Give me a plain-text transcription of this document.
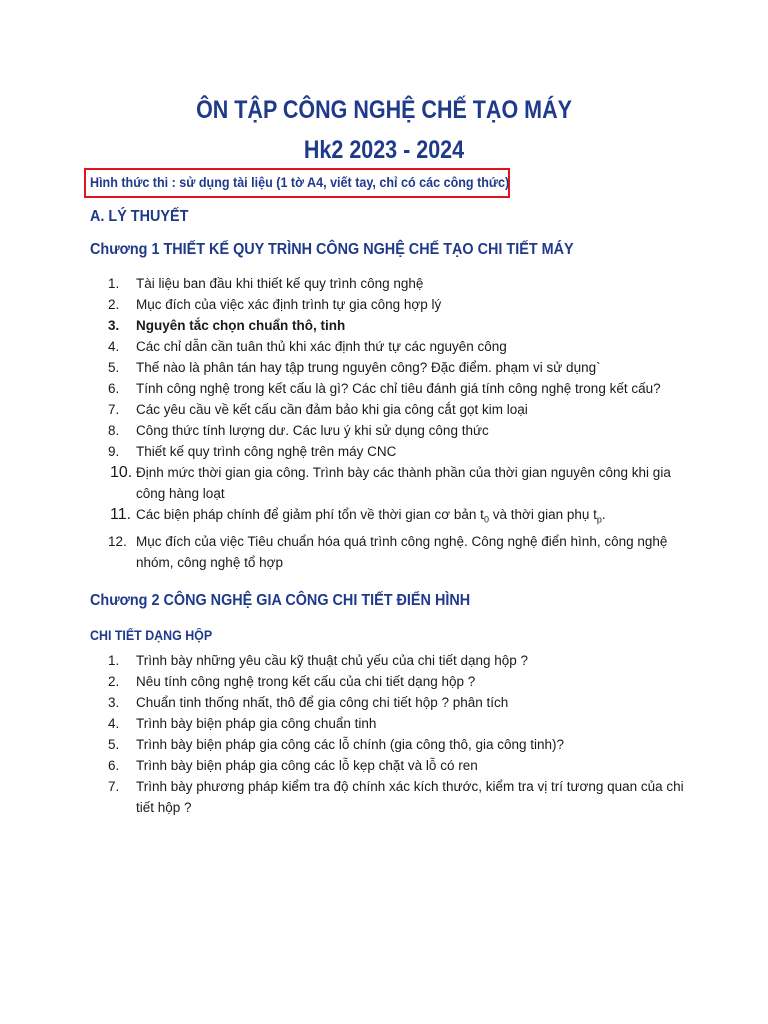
ÔN TẬP CÔNG NGHỆ CHẾ TẠO MÁY
Hk2 2023 - 2024
Hình thức thi : sử dụng tài liệu (1 tờ A4, viết tay, chỉ có các công thức)
A. LÝ THUYẾT
Chương 1 THIẾT KẾ QUY TRÌNH CÔNG NGHỆ CHẾ TẠO CHI TIẾT MÁY
1.	Tài liệu ban đầu khi thiết kế quy trình công nghệ
2.	Mục đích của việc xác định trình tự gia công hợp lý
3.	Nguyên tắc chọn chuẩn thô, tinh
4.	Các chỉ dẫn cần tuân thủ khi xác định thứ tự các nguyên công
5.	Thế nào là phân tán hay tập trung nguyên công? Đặc điểm. phạm vi sử dụng`
6.	Tính công nghệ trong kết cấu là gì? Các chỉ tiêu đánh giá tính công nghệ trong kết cấu?
7.	Các yêu cầu về kết cấu cần đảm bảo khi gia công cắt gọt kim loại
8.	Công thức tính lượng dư. Các lưu ý khi sử dụng công thức
9.	Thiết kế quy trình công nghệ trên máy CNC
10. Định mức thời gian gia công. Trình bày các thành phần của thời gian nguyên công khi gia công hàng loạt
11. Các biện pháp chính để giảm phí tổn về thời gian cơ bản $t_0$ và thời gian phụ $t_p$.
12. Mục đích của việc Tiêu chuẩn hóa quá trình công nghệ. Công nghệ điển hình, công nghệ nhóm, công nghệ tổ hợp
Chương 2 CÔNG NGHỆ GIA CÔNG CHI TIẾT ĐIỂN HÌNH
CHI TIẾT DẠNG HỘP
1.	Trình bày những yêu cầu kỹ thuật chủ yếu của chi tiết dạng hộp ?
2.	Nêu tính công nghệ trong kết cấu của chi tiết dạng hộp ?
3.	Chuẩn tinh thống nhất, thô để gia công chi tiết hộp ? phân tích
4.	Trình bày biện pháp gia công chuẩn tinh
5.	Trình bày biện pháp gia công các lỗ chính (gia công thô, gia công tinh)?
6.	Trình bày biện pháp gia công các lỗ kẹp chặt và lỗ có ren
7.	Trình bày phương pháp kiểm tra độ chính xác kích thước, kiểm tra vị trí tương quan của chi tiết hộp ?
